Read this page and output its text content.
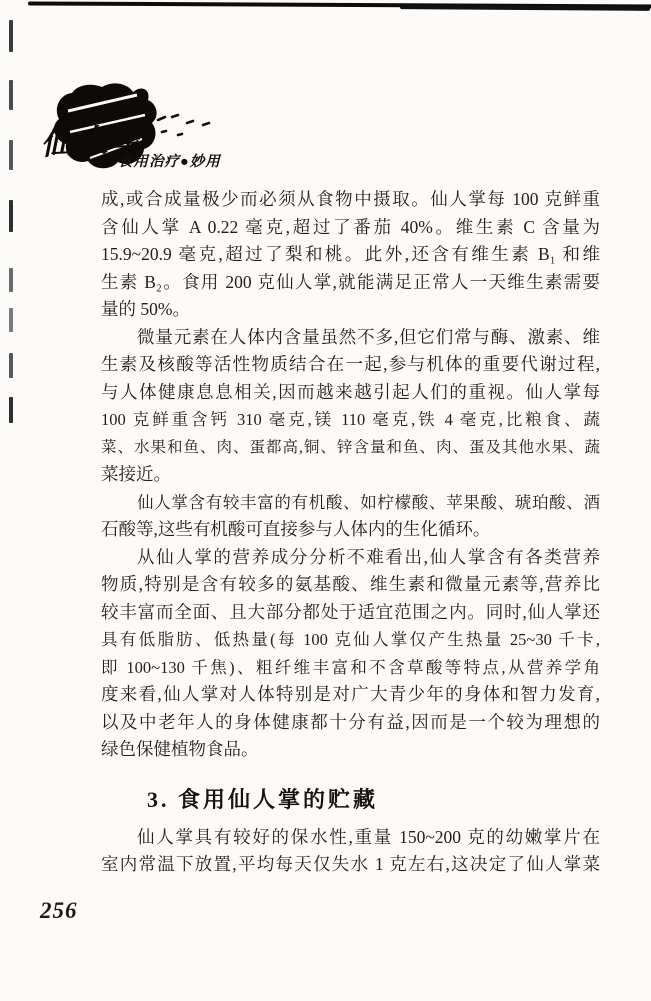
仙人掌
食用治疗●妙用
成,或合成量极少而必须从食物中摄取。仙人掌每 100 克鲜重
含仙人掌 A 0.22 毫克,超过了番茄 40%。维生素 C 含量为
15.9~20.9 毫克,超过了梨和桃。此外,还含有维生素 B₁ 和维
生素 B₂。食用 200 克仙人掌,就能满足正常人一天维生素需要
量的 50%。
微量元素在人体内含量虽然不多,但它们常与酶、激素、维
生素及核酸等活性物质结合在一起,参与机体的重要代谢过程,
与人体健康息息相关,因而越来越引起人们的重视。仙人掌每
100 克鲜重含钙 310 毫克,镁 110 毫克,铁 4 毫克,比粮食、蔬
菜、水果和鱼、肉、蛋都高,铜、锌含量和鱼、肉、蛋及其他水果、蔬
菜接近。
仙人掌含有较丰富的有机酸、如柠檬酸、苹果酸、琥珀酸、酒
石酸等,这些有机酸可直接参与人体内的生化循环。
从仙人掌的营养成分分析不难看出,仙人掌含有各类营养
物质,特别是含有较多的氨基酸、维生素和微量元素等,营养比
较丰富而全面、且大部分都处于适宜范围之内。同时,仙人掌还
具有低脂肪、低热量(每 100 克仙人掌仅产生热量 25~30 千卡,
即 100~130 千焦)、粗纤维丰富和不含草酸等特点,从营养学角
度来看,仙人掌对人体特别是对广大青少年的身体和智力发育,
以及中老年人的身体健康都十分有益,因而是一个较为理想的
绿色保健植物食品。
3. 食用仙人掌的贮藏
仙人掌具有较好的保水性,重量 150~200 克的幼嫩掌片在
室内常温下放置,平均每天仅失水 1 克左右,这决定了仙人掌菜
256
